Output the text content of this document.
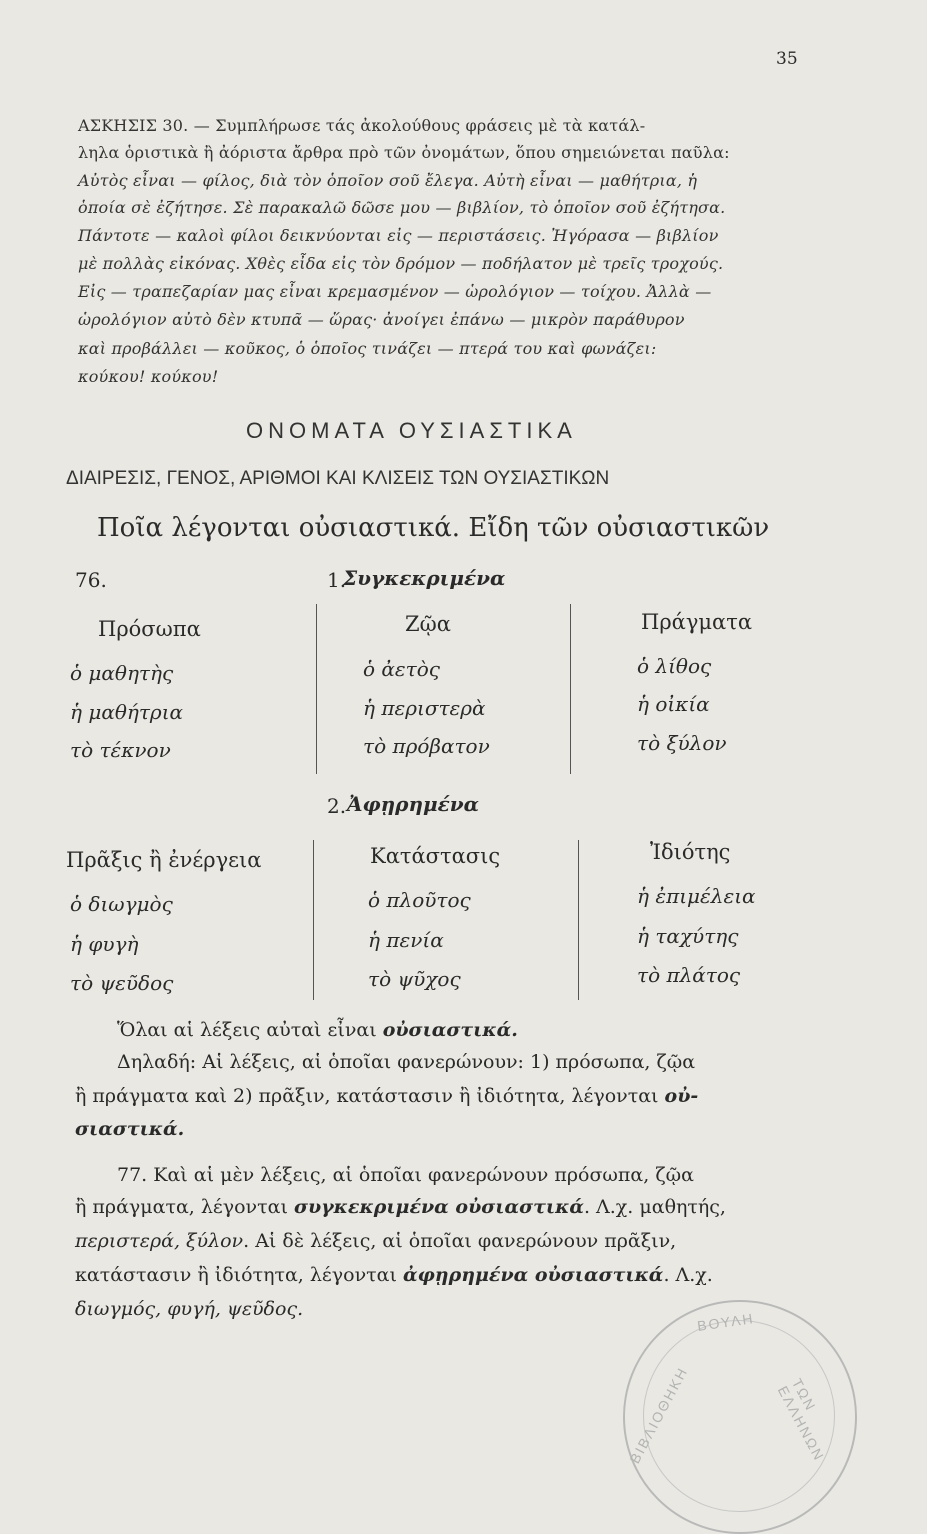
35
ΑΣΚΗΣΙΣ 30. — Συμπλήρωσε τάς ἀκολούθους φράσεις μὲ τὰ κατάλ-
ληλα ὁριστικὰ ἢ ἀόριστα ἄρθρα πρὸ τῶν ὀνομάτων, ὅπου σημειώνεται παῦλα:
Αὐτὸς εἶναι — φίλος, διὰ τὸν ὁποῖον σοῦ ἔλεγα. Αὐτὴ εἶναι — μαθήτρια, ἡ
ὁποία σὲ ἐζήτησε. Σὲ παρακαλῶ δῶσε μου — βιβλίον, τὸ ὁποῖον σοῦ ἐζήτησα.
Πάντοτε — καλοὶ φίλοι δεικνύονται εἰς — περιστάσεις. Ἠγόρασα — βιβλίον
μὲ πολλὰς εἰκόνας. Χθὲς εἶδα εἰς τὸν δρόμον — ποδήλατον μὲ τρεῖς τροχούς.
Εἰς — τραπεζαρίαν μας εἶναι κρεμασμένον — ὡρολόγιον — τοίχου. Ἀλλὰ —
ὡρολόγιον αὐτὸ δὲν κτυπᾶ — ὥρας· ἀνοίγει ἐπάνω — μικρὸν παράθυρον
καὶ προβάλλει — κοῦκος, ὁ ὁποῖος τινάζει — πτερά του καὶ φωνάζει:
κούκου! κούκου!
ΟΝΟΜΑΤΑ ΟΥΣΙΑΣΤΙΚΑ
ΔΙΑΙΡΕΣΙΣ, ΓΕΝΟΣ, ΑΡΙΘΜΟΙ ΚΑΙ ΚΛΙΣΕΙΣ ΤΩΝ ΟΥΣΙΑΣΤΙΚΩΝ
Ποῖα λέγονται οὐσιαστικά. Εἴδη τῶν οὐσιαστικῶν
76.	1.
Συγκεκριμένα
Πρόσωπα	Ζῷα	Πράγματα
ὁ μαθητὴς	ὁ ἀετὸς	ὁ λίθος
ἡ μαθήτρια	ἡ περιστερὰ	ἡ οἰκία
τὸ τέκνον	τὸ πρόβατον	τὸ ξύλον
2. Ἀφῃρημένα
Πρᾶξις ἢ ἐνέργεια	Κατάστασις	Ἰδιότης
ὁ διωγμὸς	ὁ πλοῦτος	ἡ ἐπιμέλεια
ἡ φυγὴ	ἡ πενία	ἡ ταχύτης
τὸ ψεῦδος	τὸ ψῦχος	τὸ πλάτος
Ὅλαι αἱ λέξεις αὐταὶ εἶναι οὐσιαστικά.
Δηλαδή: Αἱ λέξεις, αἱ ὁποῖαι φανερώνουν: 1) πρόσωπα, ζῷα
ἢ πράγματα καὶ 2) πρᾶξιν, κατάστασιν ἢ ἰδιότητα, λέγονται οὐ-
σιαστικά.
77. Καὶ αἱ μὲν λέξεις, αἱ ὁποῖαι φανερώνουν πρόσωπα, ζῷα
ἢ πράγματα, λέγονται συγκεκριμένα οὐσιαστικά. Λ.χ. μαθητής,
περιστερά, ξύλον. Αἱ δὲ λέξεις, αἱ ὁποῖαι φανερώνουν πρᾶξιν,
κατάστασιν ἢ ἰδιότητα, λέγονται ἀφῃρημένα οὐσιαστικά. Λ.χ.
διωγμός, φυγή, ψεῦδος.
ΒΟΥΛΗ
ΒΙΒΛΙΟΘΗΚΗ	ΤΩΝ ΕΛΛΗΝΩΝ
